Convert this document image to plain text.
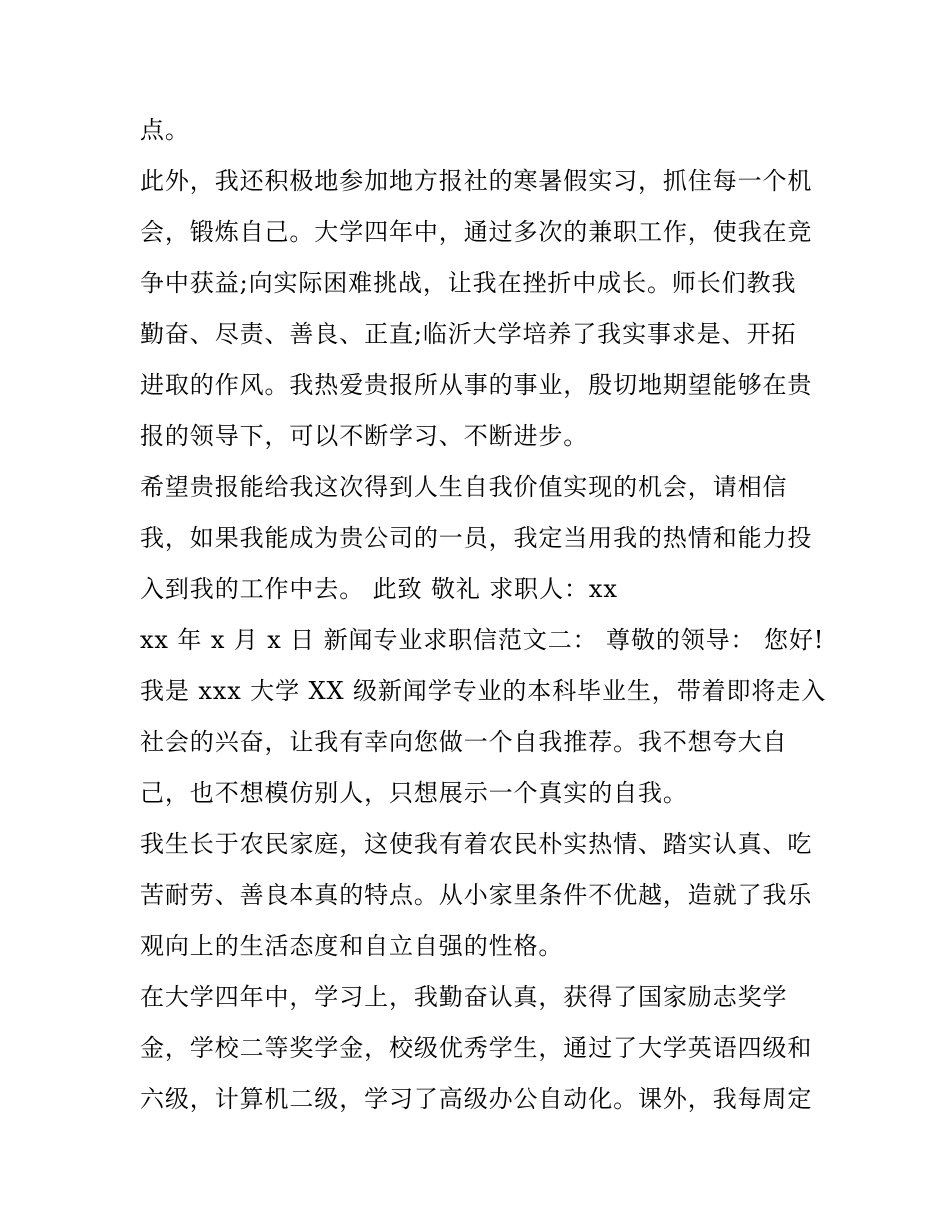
点。
此外，我还积极地参加地方报社的寒暑假实习，抓住每一个机
会，锻炼自己。大学四年中，通过多次的兼职工作，使我在竞
争中获益;向实际困难挑战，让我在挫折中成长。师长们教我
勤奋、尽责、善良、正直;临沂大学培养了我实事求是、开拓
进取的作风。我热爱贵报所从事的事业，殷切地期望能够在贵
报的领导下，可以不断学习、不断进步。
希望贵报能给我这次得到人生自我价值实现的机会，请相信
我，如果我能成为贵公司的一员，我定当用我的热情和能力投
入到我的工作中去。 此致 敬礼 求职人：xx
xx 年 x 月 x 日 新闻专业求职信范文二： 尊敬的领导： 您好!
我是 xxx 大学 XX 级新闻学专业的本科毕业生，带着即将走入
社会的兴奋，让我有幸向您做一个自我推荐。我不想夸大自
己，也不想模仿别人，只想展示一个真实的自我。
我生长于农民家庭，这使我有着农民朴实热情、踏实认真、吃
苦耐劳、善良本真的特点。从小家里条件不优越，造就了我乐
观向上的生活态度和自立自强的性格。
在大学四年中，学习上，我勤奋认真，获得了国家励志奖学
金，学校二等奖学金，校级优秀学生，通过了大学英语四级和
六级，计算机二级，学习了高级办公自动化。课外，我每周定
